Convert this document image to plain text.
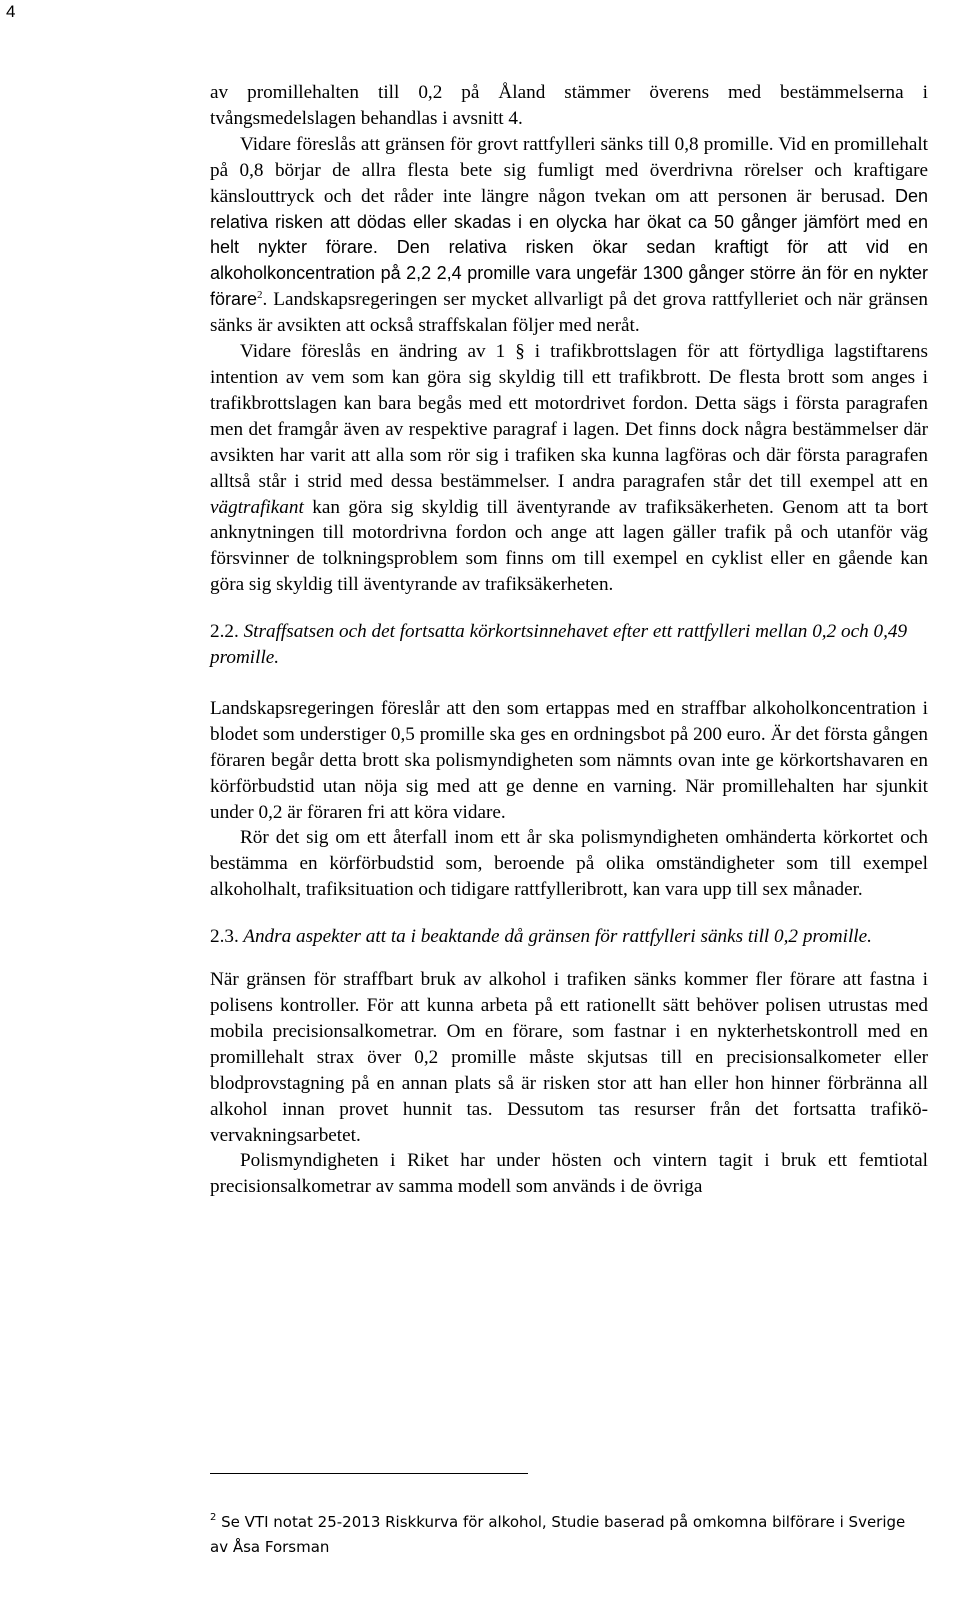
4

av promillehalten till 0,2 på Åland stämmer överens med bestämmelserna i tvångsmedelslagen behandlas i avsnitt 4.

Vidare föreslås att gränsen för grovt rattfylleri sänks till 0,8 promille. Vid en promillehalt på 0,8 börjar de allra flesta bete sig fumligt med överdrivna rörelser och kraftigare känslouttryck och det råder inte längre någon tvekan om att personen är berusad. Den relativa risken att dödas eller skadas i en olycka har ökat ca 50 gånger jämfört med en helt nykter förare. Den relativa risken ökar sedan kraftigt för att vid en alkoholkoncentration på 2,2 2,4 promille vara ungefär 1300 gånger större än för en nykter förare$^2$. Landskapsregeringen ser mycket allvarligt på det grova rattfylleriet och när gränsen sänks är avsikten att också straffskalan följer med neråt.

Vidare föreslås en ändring av 1 § i trafikbrottslagen för att förtydliga lagstiftarens intention av vem som kan göra sig skyldig till ett trafikbrott. De flesta brott som anges i trafikbrottslagen kan bara begås med ett motordrivet fordon. Detta sägs i första paragrafen men det framgår även av respektive paragraf i lagen. Det finns dock några bestämmelser där avsikten har varit att alla som rör sig i trafiken ska kunna lagföras och där första paragrafen alltså står i strid med dessa bestämmelser. I andra paragrafen står det till exempel att en vägtrafikant kan göra sig skyldig till äventyrande av trafiksäkerheten. Genom att ta bort anknytningen till motordrivna fordon och ange att lagen gäller trafik på och utanför väg försvinner de tolkningsproblem som finns om till exempel en cyklist eller en gående kan göra sig skyldig till äventyrande av trafiksäkerheten.

2.2. Straffsatsen och det fortsatta körkortsinnehavet efter ett rattfylleri mellan 0,2 och 0,49 promille.

Landskapsregeringen föreslår att den som ertappas med en straffbar alkoholkoncentration i blodet som understiger 0,5 promille ska ges en ordningsbot på 200 euro. Är det första gången föraren begår detta brott ska polismyndigheten som nämnts ovan inte ge körkortshavaren en körförbudstid utan nöja sig med att ge denne en varning. När promillehalten har sjunkit under 0,2 är föraren fri att köra vidare.

Rör det sig om ett återfall inom ett år ska polismyndigheten omhänderta körkortet och bestämma en körförbudstid som, beroende på olika omständigheter som till exempel alkoholhalt, trafiksituation och tidigare rattfylleribrott, kan vara upp till sex månader.

2.3. Andra aspekter att ta i beaktande då gränsen för rattfylleri sänks till 0,2 promille.

När gränsen för straffbart bruk av alkohol i trafiken sänks kommer fler förare att fastna i polisens kontroller. För att kunna arbeta på ett rationellt sätt behöver polisen utrustas med mobila precisionsalkometrar. Om en förare, som fastnar i en nykterhetskontroll med en promillehalt strax över 0,2 promille måste skjutsas till en precisionsalkometer eller blodprovstagning på en annan plats så är risken stor att han eller hon hinner förbränna all alkohol innan provet hunnit tas. Dessutom tas resurser från det fortsatta trafikövervakningsarbetet.

Polismyndigheten i Riket har under hösten och vintern tagit i bruk ett femtiotal precisionsalkometrar av samma modell som används i de övriga

$^2$ Se VTI notat 25-2013 Riskkurva för alkohol, Studie baserad på omkomna bilförare i Sverige av Åsa Forsman
